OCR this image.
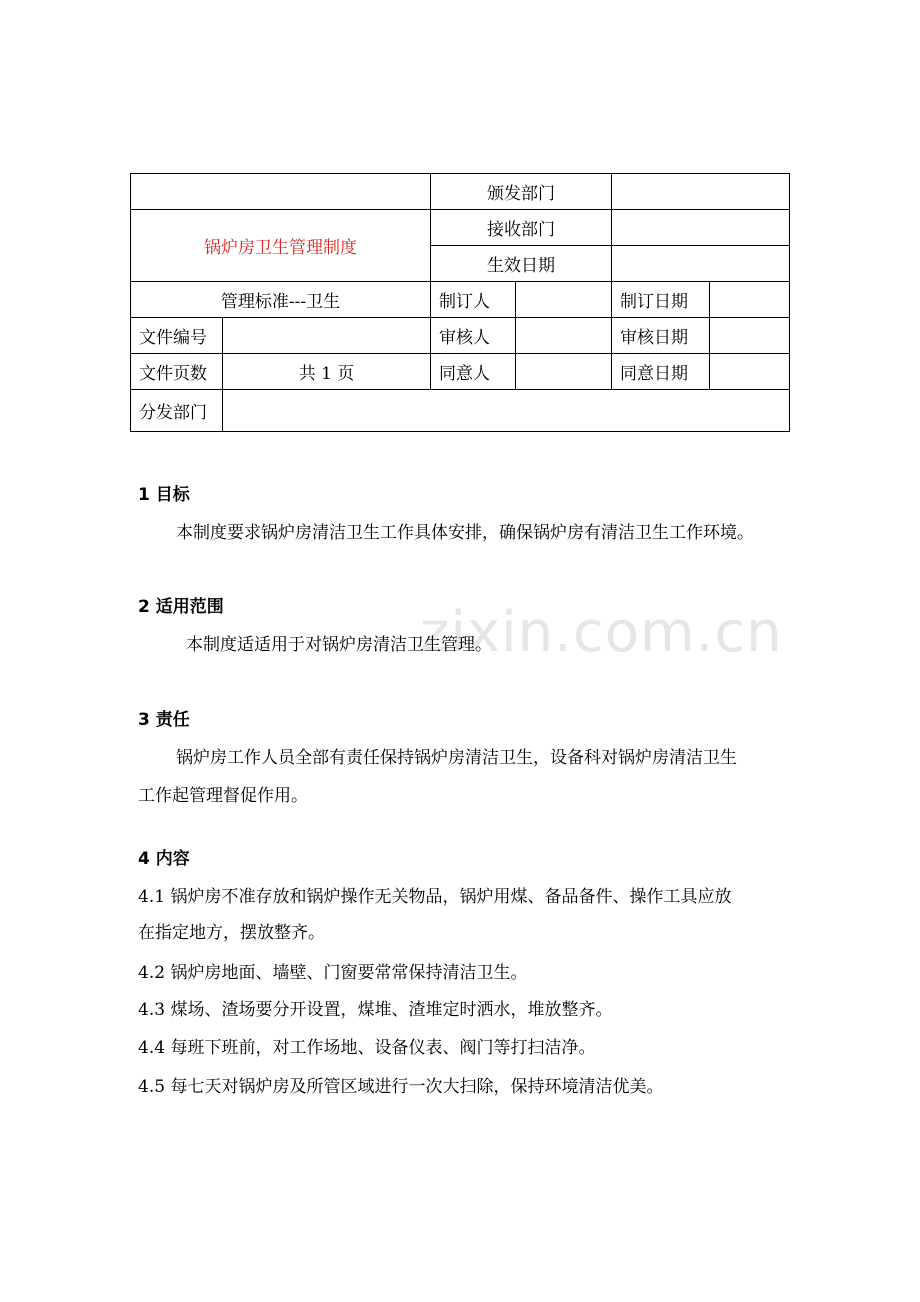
zixin.com.cn
		颁发部门			
锅炉房卫生管理制度		接收部门			
		生效日期			
管理标准---卫生		制订人		制订日期	
文件编号		审核人		审核日期	
文件页数	共 1 页	同意人		同意日期	
分发部门					
1 目标
本制度要求锅炉房清洁卫生工作具体安排，确保锅炉房有清洁卫生工作环境。
2 适用范围
本制度适适用于对锅炉房清洁卫生管理。
3 责任
锅炉房工作人员全部有责任保持锅炉房清洁卫生，设备科对锅炉房清洁卫生
工作起管理督促作用。
4 内容
4.1 锅炉房不准存放和锅炉操作无关物品，锅炉用煤、备品备件、操作工具应放
在指定地方，摆放整齐。
4.2 锅炉房地面、墙壁、门窗要常常保持清洁卫生。
4.3 煤场、渣场要分开设置，煤堆、渣堆定时洒水，堆放整齐。
4.4 每班下班前，对工作场地、设备仪表、阀门等打扫洁净。
4.5 每七天对锅炉房及所管区域进行一次大扫除，保持环境清洁优美。
